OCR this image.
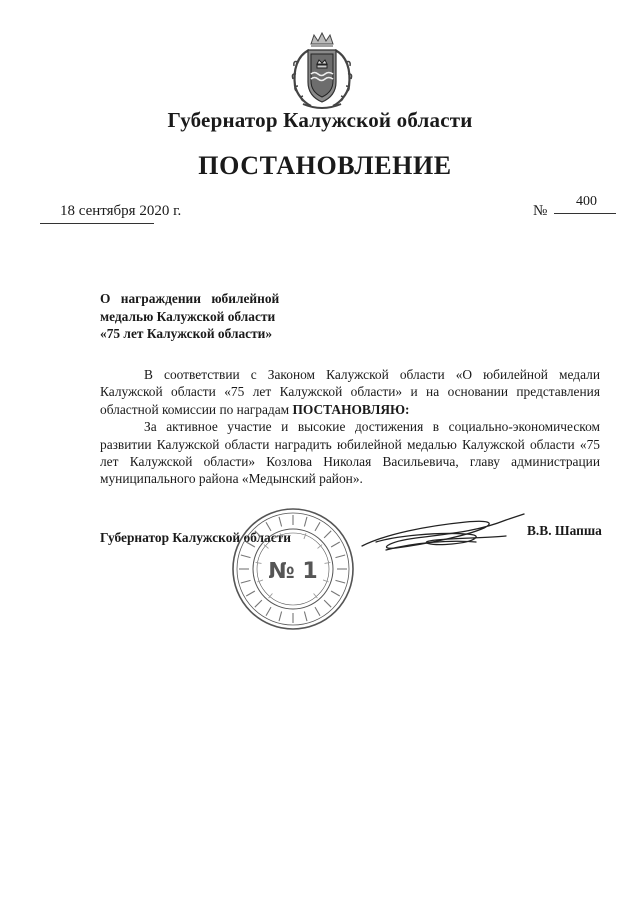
Губернатор Калужской области
ПОСТАНОВЛЕНИЕ
18 сентября 2020 г.	№
400
О награждении юбилейной
медалью Калужской области
«75 лет Калужской области»

В соответствии с Законом Калужской области «О юбилейной медали Калужской области «75 лет Калужской области» и на основании представления областной комиссии по наградам ПОСТАНОВЛЯЮ:

За активное участие и высокие достижения в социально-экономическом развитии Калужской области наградить юбилейной медалью Калужской области «75 лет Калужской области» Козлова Николая Васильевича, главу администрации муниципального района «Медынский район».

Губернатор Калужской области	В.В. Шапша
№ 1
